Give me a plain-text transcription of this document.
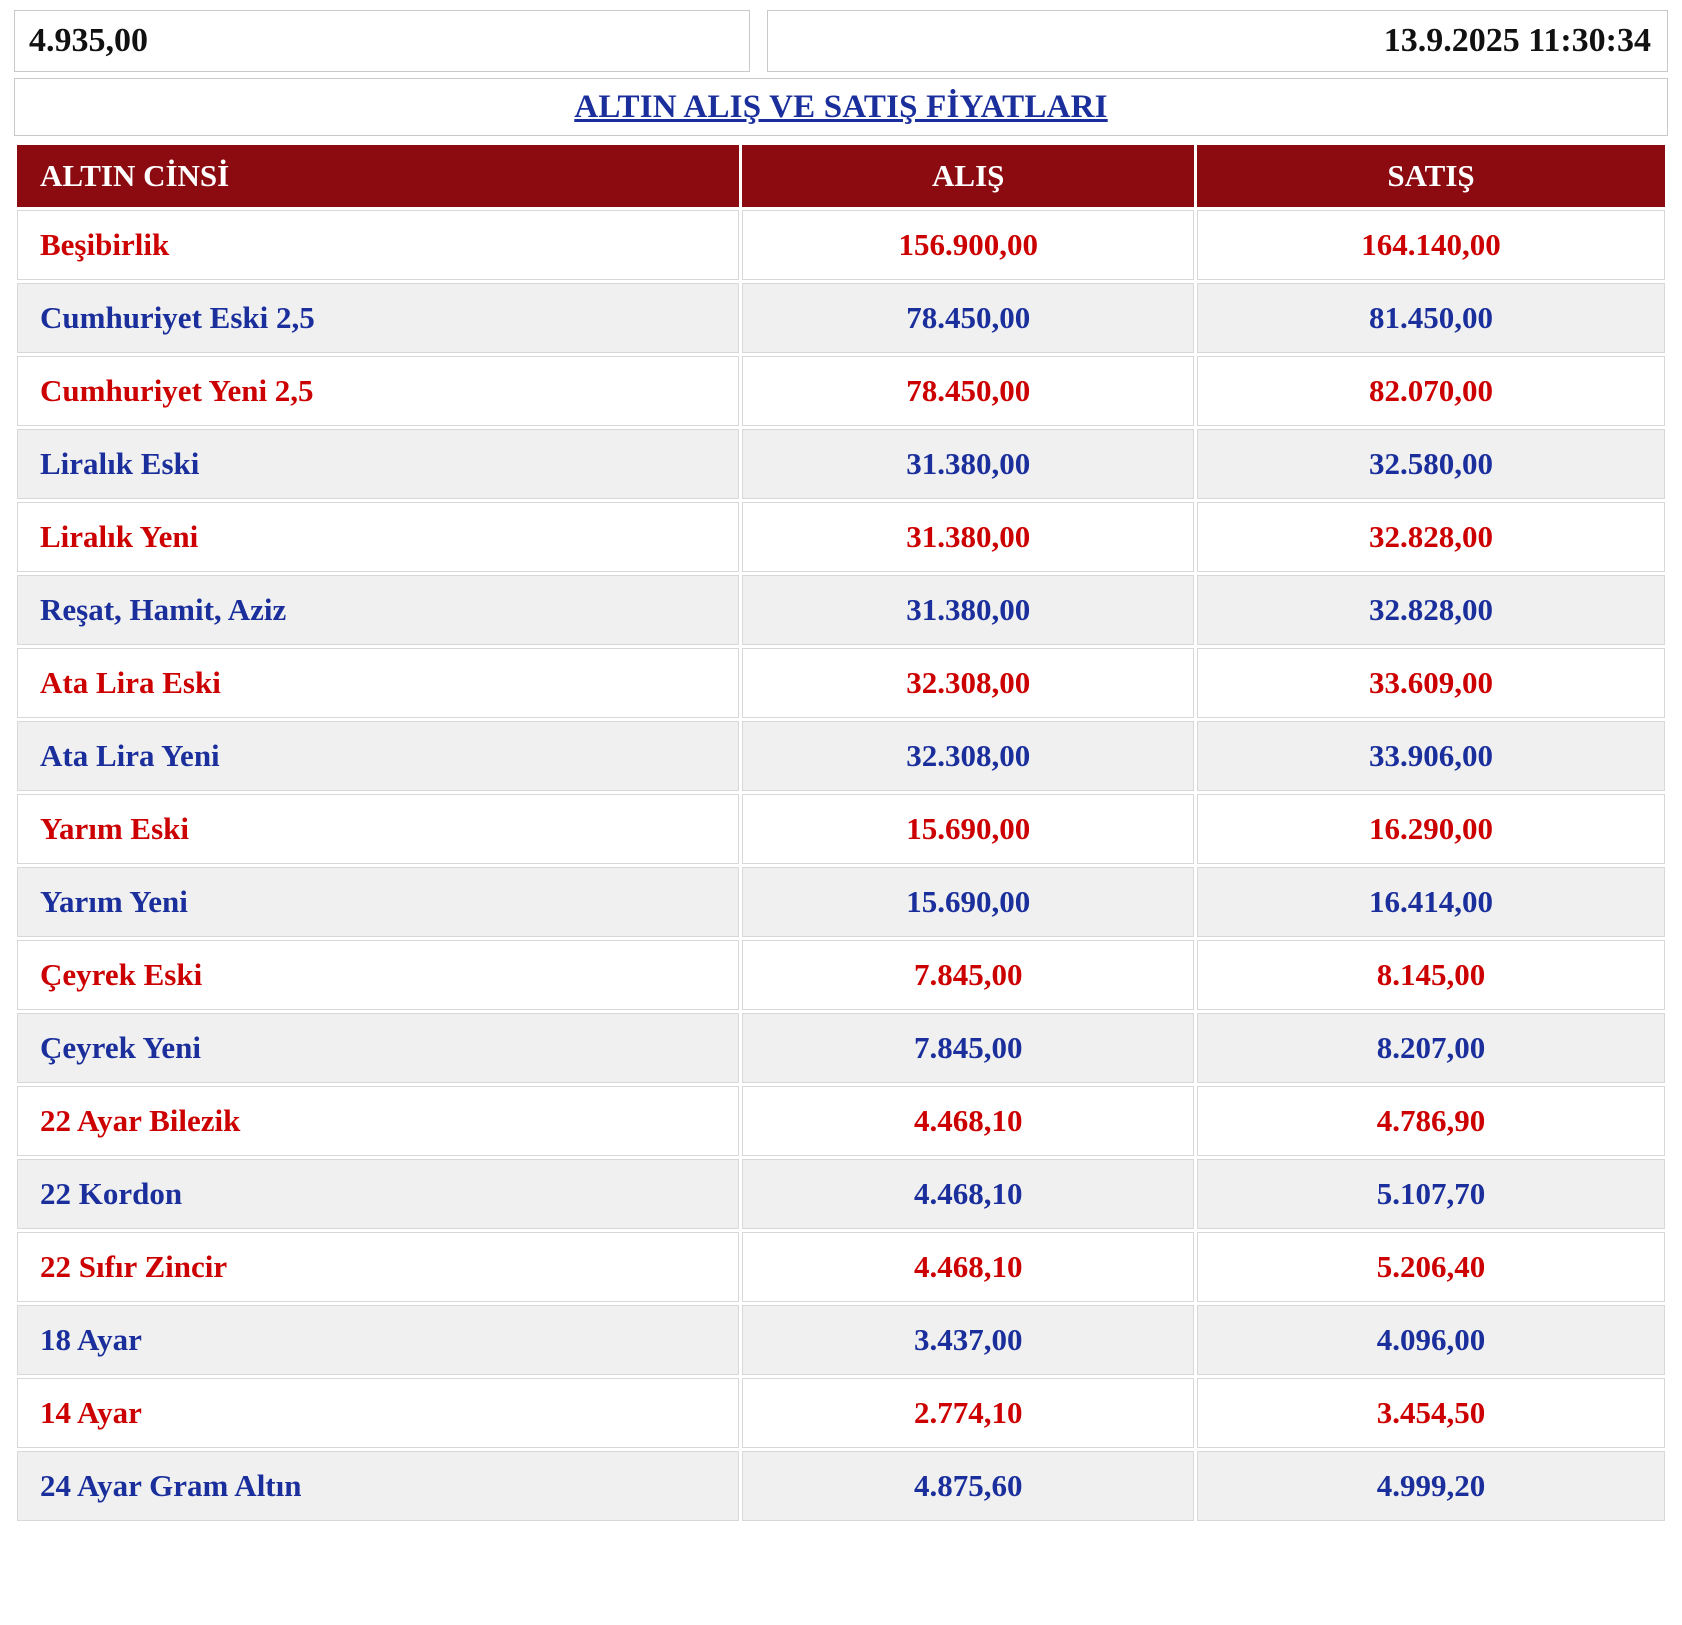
4.935,00	13.9.2025 11:30:34
ALTIN ALIŞ VE SATIŞ FİYATLARI
ALTIN CİNSİ	ALIŞ	SATIŞ
Beşibirlik	156.900,00	164.140,00
Cumhuriyet Eski 2,5	78.450,00	81.450,00
Cumhuriyet Yeni 2,5	78.450,00	82.070,00
Liralık Eski	31.380,00	32.580,00
Liralık Yeni	31.380,00	32.828,00
Reşat, Hamit, Aziz	31.380,00	32.828,00
Ata Lira Eski	32.308,00	33.609,00
Ata Lira Yeni	32.308,00	33.906,00
Yarım Eski	15.690,00	16.290,00
Yarım Yeni	15.690,00	16.414,00
Çeyrek Eski	7.845,00	8.145,00
Çeyrek Yeni	7.845,00	8.207,00
22 Ayar Bilezik	4.468,10	4.786,90
22 Kordon	4.468,10	5.107,70
22 Sıfır Zincir	4.468,10	5.206,40
18 Ayar	3.437,00	4.096,00
14 Ayar	2.774,10	3.454,50
24 Ayar Gram Altın	4.875,60	4.999,20
